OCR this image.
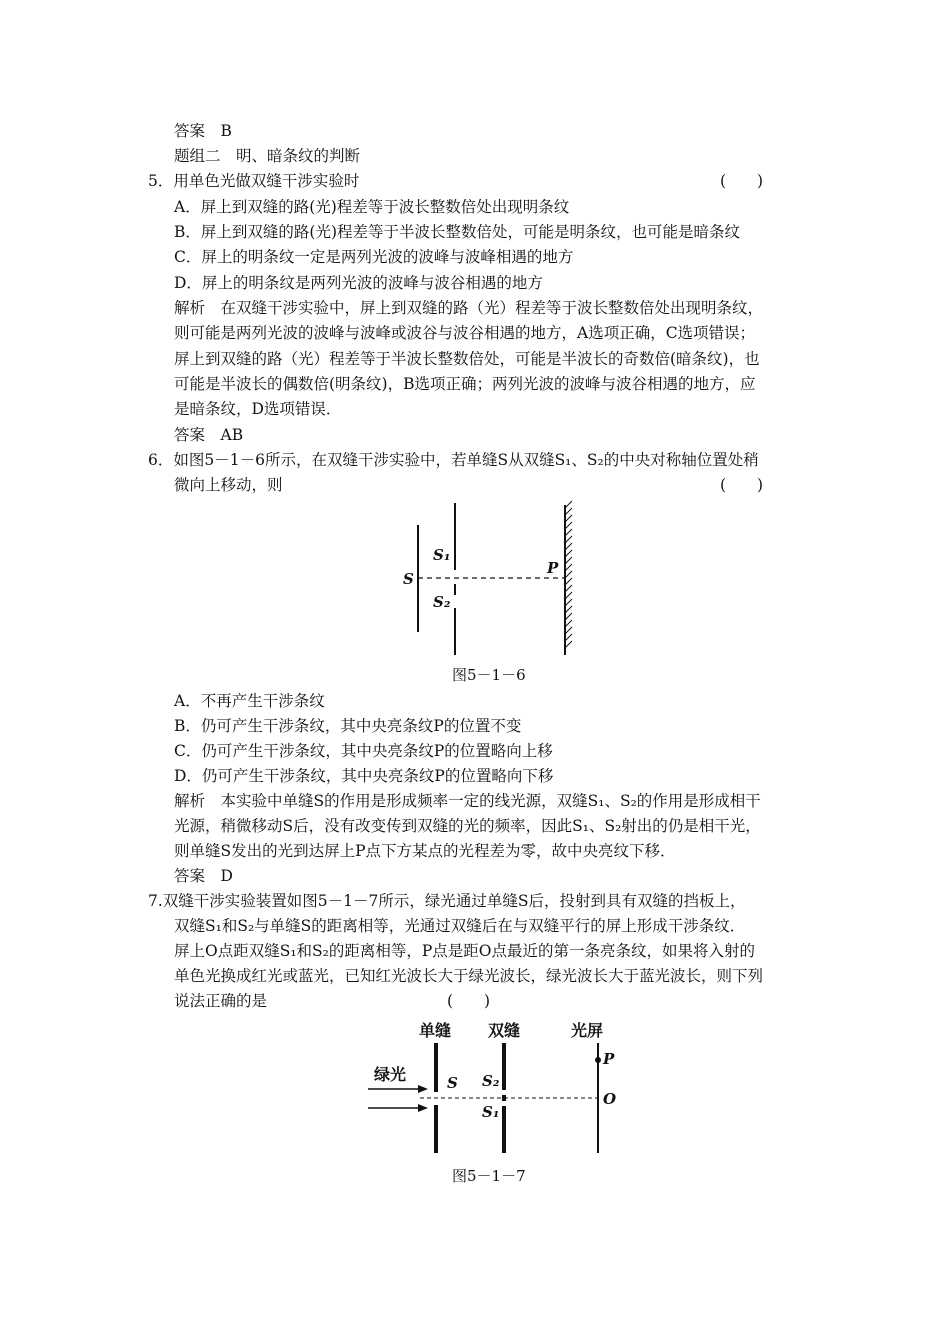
答案　B
题组二　明、暗条纹的判断
5．用单色光做双缝干涉实验时	(　　)
A．屏上到双缝的路(光)程差等于波长整数倍处出现明条纹
B．屏上到双缝的路(光)程差等于半波长整数倍处，可能是明条纹，也可能是暗条纹
C．屏上的明条纹一定是两列光波的波峰与波峰相遇的地方
D．屏上的明条纹是两列光波的波峰与波谷相遇的地方
解析　在双缝干涉实验中，屏上到双缝的路（光）程差等于波长整数倍处出现明条纹，
则可能是两列光波的波峰与波峰或波谷与波谷相遇的地方，A选项正确，C选项错误；
屏上到双缝的路（光）程差等于半波长整数倍处，可能是半波长的奇数倍(暗条纹)，也
可能是半波长的偶数倍(明条纹)，B选项正确；两列光波的波峰与波谷相遇的地方，应
是暗条纹，D选项错误．
答案　AB
6．如图5－1－6所示，在双缝干涉实验中，若单缝S从双缝S₁、S₂的中央对称轴位置处稍
微向上移动，则	(　　)
S
S₁
S₂
P
图5－1－6
A．不再产生干涉条纹
B．仍可产生干涉条纹，其中央亮条纹P的位置不变
C．仍可产生干涉条纹，其中央亮条纹P的位置略向上移
D．仍可产生干涉条纹，其中央亮条纹P的位置略向下移
解析　本实验中单缝S的作用是形成频率一定的线光源，双缝S₁、S₂的作用是形成相干
光源，稍微移动S后，没有改变传到双缝的光的频率，因此S₁、S₂射出的仍是相干光，
则单缝S发出的光到达屏上P点下方某点的光程差为零，故中央亮纹下移．
答案　D
7.双缝干涉实验装置如图5－1－7所示，绿光通过单缝S后，投射到具有双缝的挡板上，
双缝S₁和S₂与单缝S的距离相等，光通过双缝后在与双缝平行的屏上形成干涉条纹．
屏上O点距双缝S₁和S₂的距离相等，P点是距O点最近的第一条亮条纹，如果将入射的
单色光换成红光或蓝光，已知红光波长大于绿光波长，绿光波长大于蓝光波长，则下列
说法正确的是	(　　)
单缝 双缝	光屏
绿光	S S₂
S₁
P
O
图5－1－7
